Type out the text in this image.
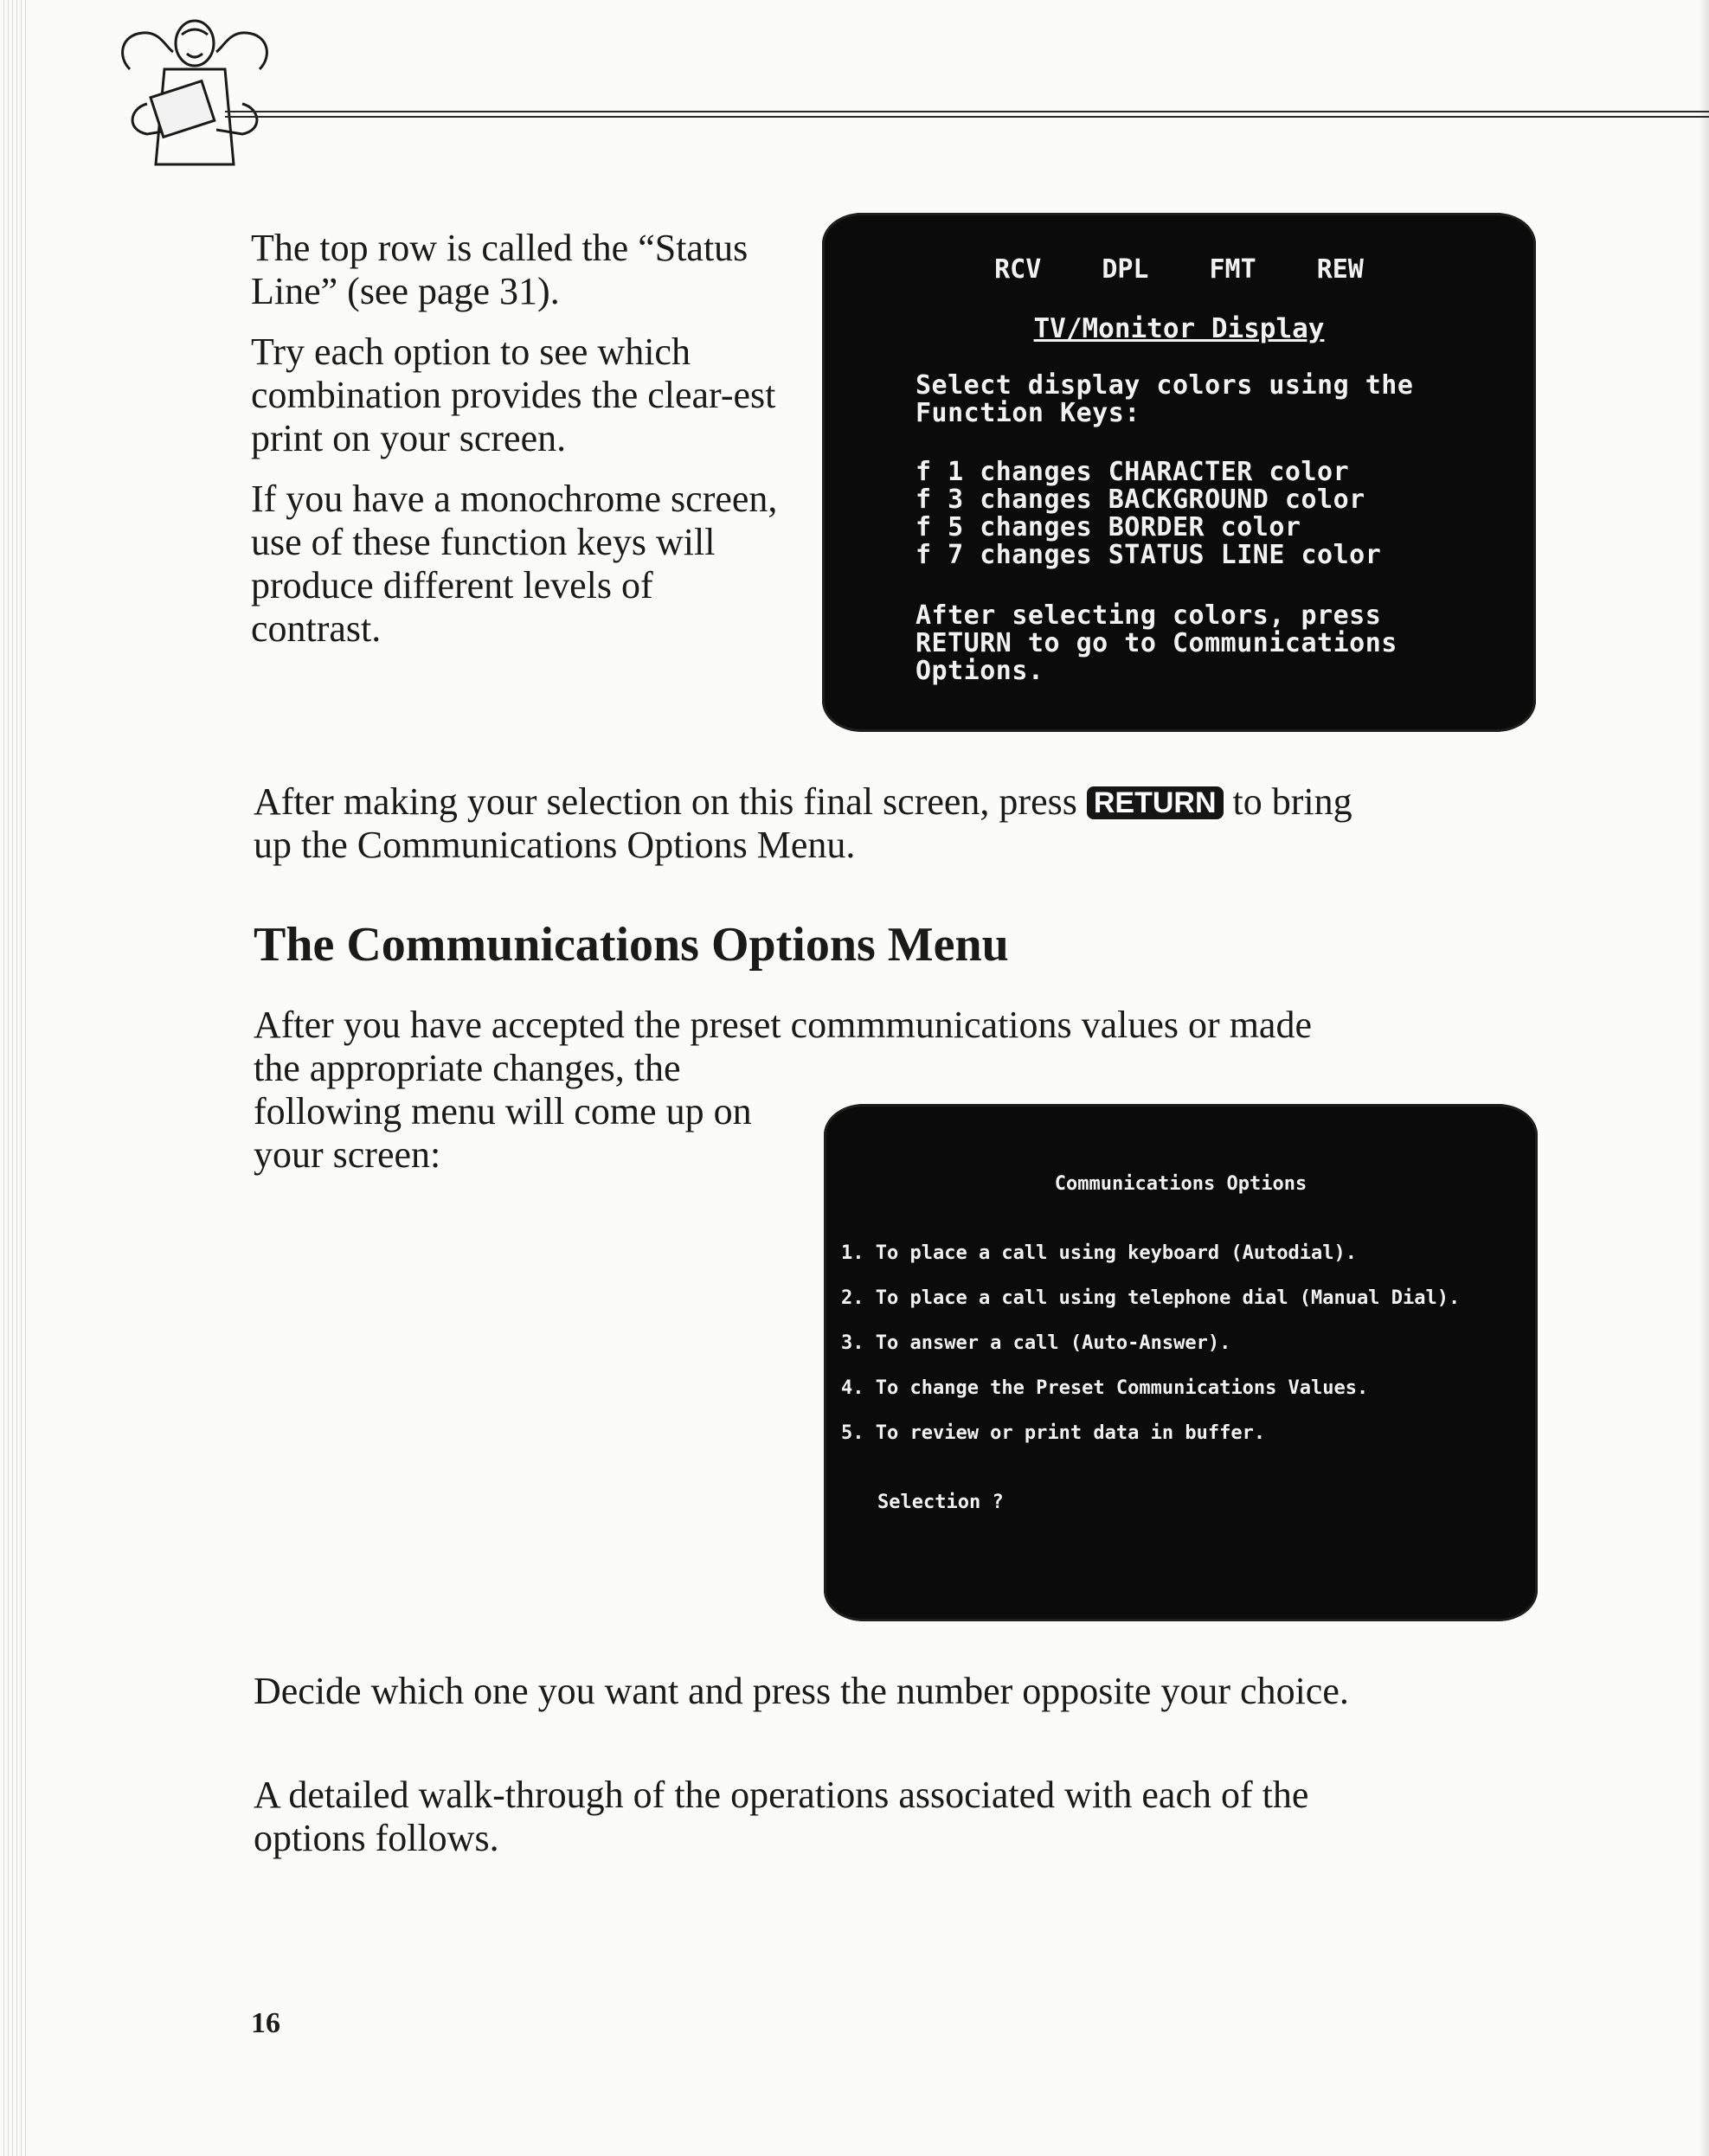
The top row is called the “Status Line” (see page 31).

Try each option to see which combination provides the clear-est print on your screen.

If you have a monochrome screen, use of these function keys will produce different levels of contrast.

RCV DPL FMT REW
TV/Monitor Display
Select display colors using the
Function Keys:
f 1 changes CHARACTER color
f 3 changes BACKGROUND color
f 5 changes BORDER color
f 7 changes STATUS LINE color
After selecting colors, press
RETURN to go to Communications
Options.
After making your selection on this final screen, press RETURN to bring up the Communications Options Menu.
The Communications Options Menu
After you have accepted the preset commmunications values or made
the appropriate changes, the following menu will come up on your screen:
Communications Options
1. To place a call using keyboard (Autodial).
2. To place a call using telephone dial (Manual Dial).
3. To answer a call (Auto-Answer).
4. To change the Preset Communications Values.
5. To review or print data in buffer.
Selection ?
Decide which one you want and press the number opposite your choice.
A detailed walk-through of the operations associated with each of the options follows.

16
